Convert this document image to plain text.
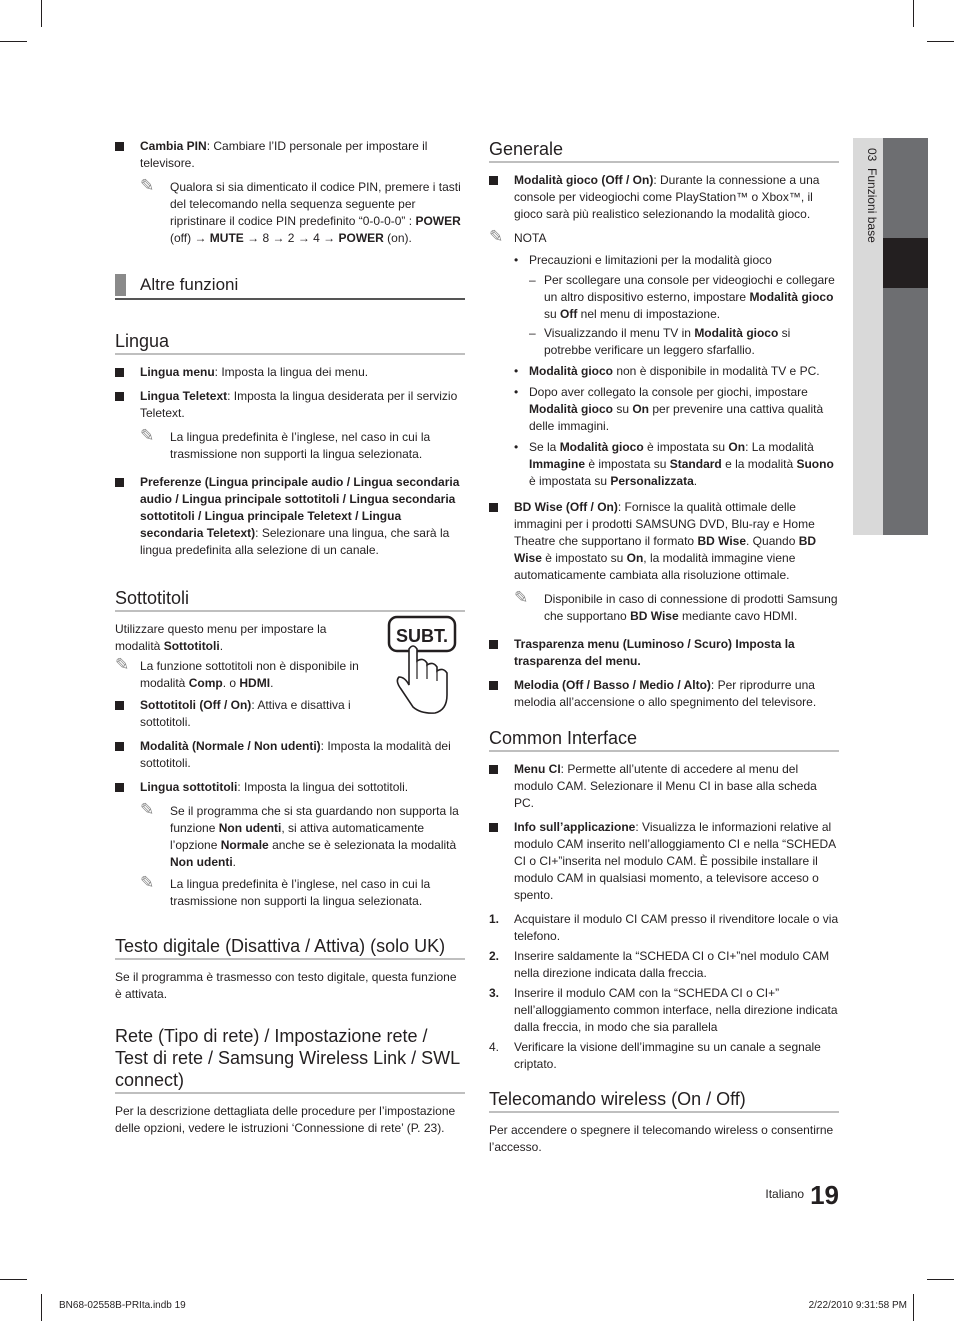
03  Funzioni base
Cambia PIN: Cambiare l’ID personale per impostare il televisore.
✎ Qualora si sia dimenticato il codice PIN, premere i tasti del telecomando nella sequenza seguente per ripristinare il codice PIN predefinito “0-0-0-0” : POWER (off) → MUTE → 8 → 2 → 4 → POWER (on).
Altre funzioni
Lingua
Lingua menu: Imposta la lingua dei menu.
Lingua Teletext: Imposta la lingua desiderata per il servizio Teletext.
✎ La lingua predefinita è l’inglese, nel caso in cui la trasmissione non supporti la lingua selezionata.
Preferenze (Lingua principale audio / Lingua secondaria audio / Lingua principale sottotitoli / Lingua secondaria sottotitoli / Lingua principale Teletext / Lingua secondaria Teletext): Selezionare una lingua, che sarà la lingua predefinita alla selezione di un canale.
Sottotitoli

Utilizzare questo menu per impostare la modalità Sottotitoli.

✎ La funzione sottotitoli non è disponibile in modalità Comp. o HDMI.
Sottotitoli (Off / On): Attiva e disattiva i sottotitoli.
SUBT.
Modalità (Normale / Non udenti): Imposta la modalità dei sottotitoli.
Lingua sottotitoli: Imposta la lingua dei sottotitoli.
✎ Se il programma che si sta guardando non supporta la funzione Non udenti, si attiva automaticamente l’opzione Normale anche se è selezionata la modalità Non udenti.
✎ La lingua predefinita è l’inglese, nel caso in cui la trasmissione non supporti la lingua selezionata.
Testo digitale (Disattiva / Attiva) (solo UK)

Se il programma è trasmesso con testo digitale, questa funzione è attivata.

Rete (Tipo di rete) / Impostazione rete / Test di rete / Samsung Wireless Link / SWL connect)

Per la descrizione dettagliata delle procedure per l’impostazione delle opzioni, vedere le istruzioni ‘Connessione di rete’ (P. 23).

Generale
Modalità gioco (Off / On): Durante la connessione a una console per videogiochi come PlayStation™ o Xbox™, il gioco sarà più realistico selezionando la modalità gioco.
✎ NOTA
• Precauzioni e limitazioni per la modalità gioco
– Per scollegare una console per videogiochi e collegare un altro dispositivo esterno, impostare Modalità gioco su Off nel menu di impostazione.
– Visualizzando il menu TV in Modalità gioco si potrebbe verificare un leggero sfarfallio.
• Modalità gioco non è disponibile in modalità TV e PC.
• Dopo aver collegato la console per giochi, impostare Modalità gioco su On per prevenire una cattiva qualità delle immagini.
• Se la Modalità gioco è impostata su On: La modalità Immagine è impostata su Standard e la modalità Suono è impostata su Personalizzata.
BD Wise (Off / On): Fornisce la qualità ottimale delle immagini per i prodotti SAMSUNG DVD, Blu-ray e Home Theatre che supportano il formato BD Wise. Quando BD Wise è impostato su On, la modalità immagine viene automaticamente cambiata alla risoluzione ottimale.
✎ Disponibile in caso di connessione di prodotti Samsung che supportano BD Wise mediante cavo HDMI.
Trasparenza menu (Luminoso / Scuro) Imposta la trasparenza del menu.
Melodia (Off / Basso / Medio / Alto): Per riprodurre una melodia all’accensione o allo spegnimento del televisore.
Common Interface
Menu CI: Permette all’utente di accedere al menu del modulo CAM. Selezionare il Menu CI in base alla scheda PC.
Info sull’applicazione: Visualizza le informazioni relative al modulo CAM inserito nell’alloggiamento CI e nella “SCHEDA CI o CI+”inserita nel modulo CAM. È possibile installare il modulo CAM in qualsiasi momento, a televisore acceso o spento.
1. Acquistare il modulo CI CAM presso il rivenditore locale o via telefono.
2. Inserire saldamente la “SCHEDA CI o CI+”nel modulo CAM nella direzione indicata dalla freccia.
3. Inserire il modulo CAM con la “SCHEDA CI o CI+” nell’alloggiamento common interface, nella direzione indicata dalla freccia, in modo che sia parallela
4. Verificare la visione dell’immagine su un canale a segnale criptato.
Telecomando wireless (On / Off)

Per accendere o spegnere il telecomando wireless o consentirne l’accesso.

$^{Italiano}$ 19
BN68-02558B-PRIta.indb 19	2/22/2010 9:31:58 PM
